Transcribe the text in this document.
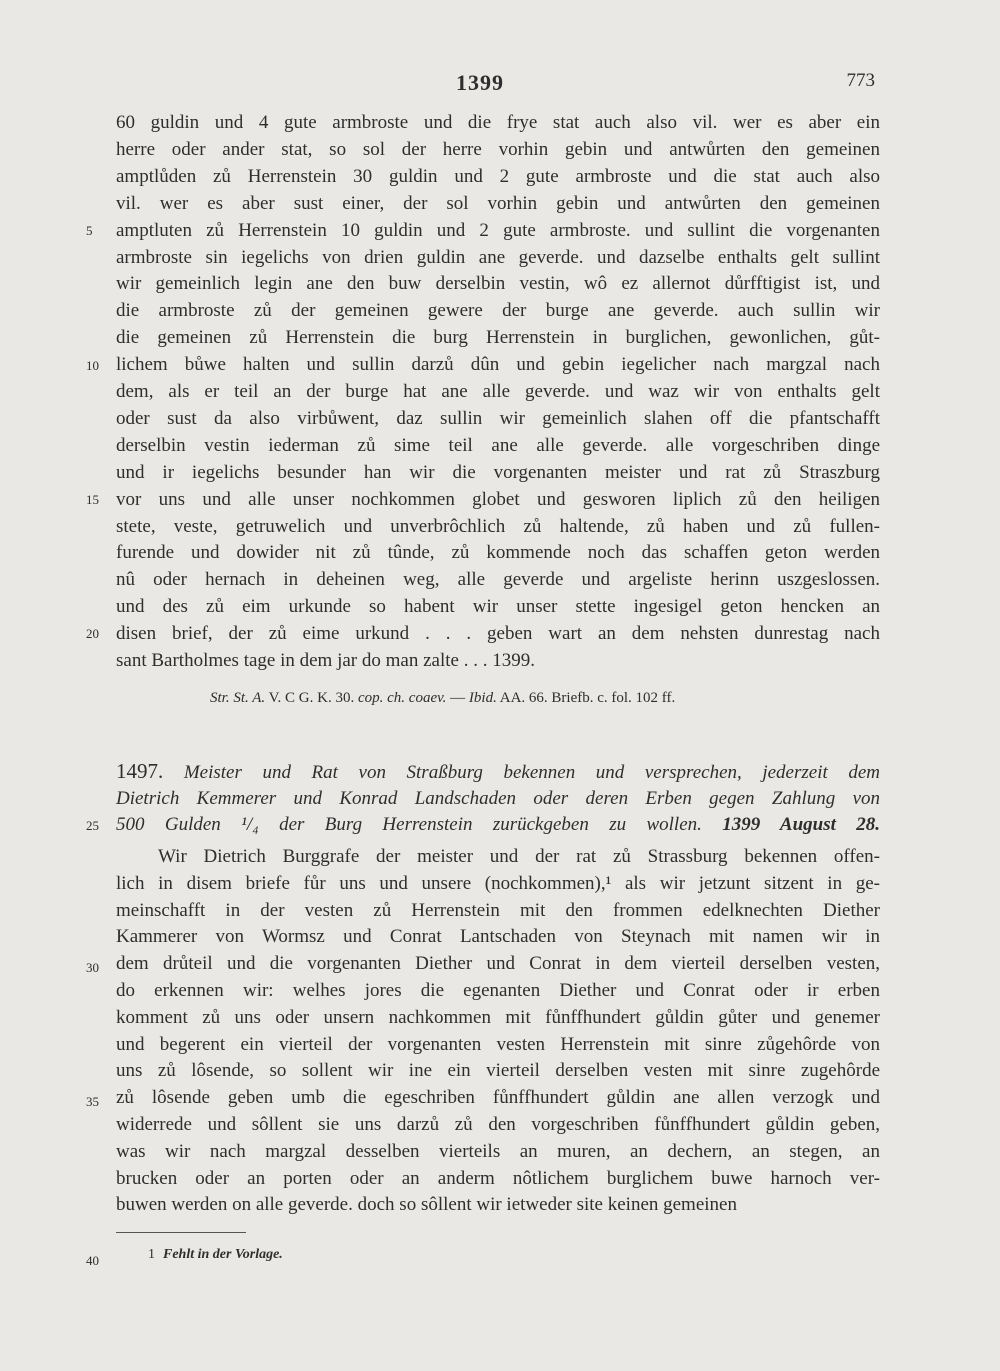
1399	773
60 guldin und 4 gute armbroste und die frye stat auch also vil. wer es aber ein
herre oder ander stat, so sol der herre vorhin gebin und antwůrten den gemeinen
amptlůden zů Herrenstein 30 guldin und 2 gute armbroste und die stat auch also
vil. wer es aber sust einer, der sol vorhin gebin und antwůrten den gemeinen
amptluten zů Herrenstein 10 guldin und 2 gute armbroste. und sullint die vorgenanten
armbroste sin iegelichs von drien guldin ane geverde. und dazselbe enthalts gelt sullint
wir gemeinlich legin ane den buw derselbin vestin, wô ez allernot důrfftigist ist, und
die armbroste zů der gemeinen gewere der burge ane geverde. auch sullin wir
die gemeinen zů Herrenstein die burg Herrenstein in burglichen, gewonlichen, gůt-
lichem bůwe halten und sullin darzů dûn und gebin iegelicher nach margzal nach
dem, als er teil an der burge hat ane alle geverde. und waz wir von enthalts gelt
oder sust da also virbůwent, daz sullin wir gemeinlich slahen off die pfantschafft
derselbin vestin iederman zů sime teil ane alle geverde. alle vorgeschriben dinge
und ir iegelichs besunder han wir die vorgenanten meister und rat zů Straszburg
vor uns und alle unser nochkommen globet und gesworen liplich zů den heiligen
stete, veste, getruwelich und unverbrôchlich zů haltende, zů haben und zů fullen-
furende und dowider nit zů tûnde, zů kommende noch das schaffen geton werden
nû oder hernach in deheinen weg, alle geverde und argeliste herinn uszgeslossen.
und des zů eim urkunde so habent wir unser stette ingesigel geton hencken an
disen brief, der zů eime urkund . . . geben wart an dem nehsten dunrestag nach
sant Bartholmes tage in dem jar do man zalte . . . 1399.
Str. St. A. V. C G. K. 30. cop. ch. coaev. — Ibid. AA. 66. Briefb. c. fol. 102 ff.
1497. Meister und Rat von Straßburg bekennen und versprechen, jederzeit dem
Dietrich Kemmerer und Konrad Landschaden oder deren Erben gegen Zahlung von
500 Gulden ¹/₄ der Burg Herrenstein zurückgeben zu wollen. 1399 August 28.
Wir Dietrich Burggrafe der meister und der rat zů Strassburg bekennen offen-
lich in disem briefe fůr uns und unsere (nochkommen),¹ als wir jetzunt sitzent in ge-
meinschafft in der vesten zů Herrenstein mit den frommen edelknechten Diether
Kammerer von Wormsz und Conrat Lantschaden von Steynach mit namen wir in
dem drůteil und die vorgenanten Diether und Conrat in dem vierteil derselben vesten,
do erkennen wir: welhes jores die egenanten Diether und Conrat oder ir erben
komment zů uns oder unsern nachkommen mit fůnffhundert gůldin gůter und genemer
und begerent ein vierteil der vorgenanten vesten Herrenstein mit sinre zůgehôrde von
uns zů lôsende, so sollent wir ine ein vierteil derselben vesten mit sinre zugehôrde
zů lôsende geben umb die egeschriben fůnffhundert gůldin ane allen verzogk und
widerrede und sôllent sie uns darzů zů den vorgeschriben fůnffhundert gůldin geben,
was wir nach margzal desselben vierteils an muren, an dechern, an stegen, an
brucken oder an porten oder an anderm nôtlichem burglichem buwe harnoch ver-
buwen werden on alle geverde. doch so sôllent wir ietweder site keinen gemeinen
5
10
15
20
25
30
35
40	1 Fehlt in der Vorlage.
